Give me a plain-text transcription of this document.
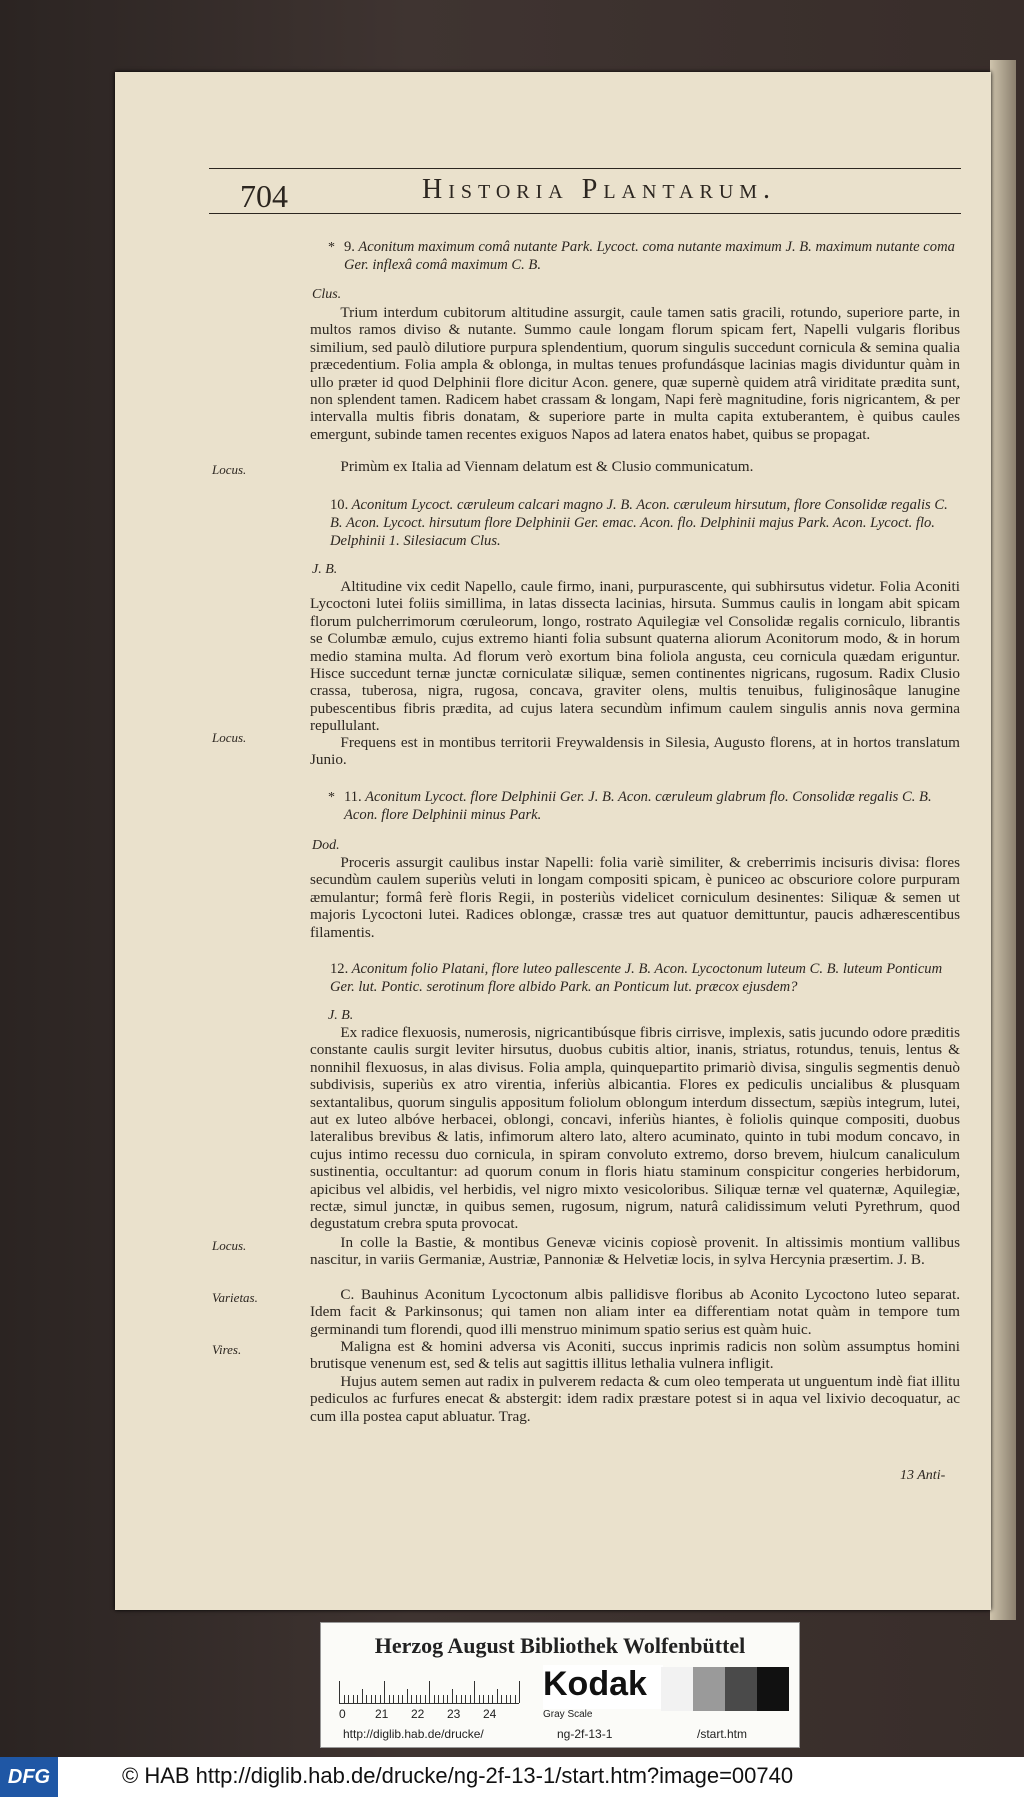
704	Historia Plantarum.
* 9. Aconitum maximum comâ nutante Park. Lycoct. coma nutante maximum J. B. maximum nutante coma Ger. inflexâ comâ maximum C. B.
Clus.

Trium interdum cubitorum altitudine assurgit, caule tamen satis gracili, rotundo, superiore parte, in multos ramos diviso & nutante. Summo caule longam florum spicam fert, Napelli vulgaris floribus similium, sed paulò dilutiore purpura splendentium, quorum singulis succedunt cornicula & semina qualia præcedentium. Folia ampla & oblonga, in multas tenues profundásque lacinias magis dividuntur quàm in ullo præter id quod Delphinii flore dicitur Acon. genere, quæ supernè quidem atrâ viriditate prædita sunt, non splendent tamen. Radicem habet crassam & longam, Napi ferè magnitudine, foris nigricantem, & per intervalla multis fibris donatam, & superiore parte in multa capita extuberantem, è quibus caules emergunt, subinde tamen recentes exiguos Napos ad latera enatos habet, quibus se propagat.

Locus.	Primùm ex Italia ad Viennam delatum est & Clusio communicatum.

10. Aconitum Lycoct. cæruleum calcari magno J. B. Acon. cæruleum hirsutum, flore Consolidæ regalis C. B. Acon. Lycoct. hirsutum flore Delphinii Ger. emac. Acon. flo. Delphinii majus Park. Acon. Lycoct. flo. Delphinii 1. Silesiacum Clus.
J. B.

Altitudine vix cedit Napello, caule firmo, inani, purpurascente, qui subhirsutus videtur. Folia Aconiti Lycoctoni lutei foliis simillima, in latas dissecta lacinias, hirsuta. Summus caulis in longam abit spicam florum pulcherrimorum cœruleorum, longo, rostrato Aquilegiæ vel Consolidæ regalis corniculo, librantis se Columbæ æmulo, cujus extremo hianti folia subsunt quaterna aliorum Aconitorum modo, & in horum medio stamina multa. Ad florum verò exortum bina foliola angusta, ceu cornicula quædam eriguntur. Hisce succedunt ternæ junctæ corniculatæ siliquæ, semen continentes nigricans, rugosum. Radix Clusio crassa, tuberosa, nigra, rugosa, concava, graviter olens, multis tenuibus, fuliginosâque lanugine pubescentibus fibris prædita, ad cujus latera secundùm infimum caulem singulis annis nova germina repullulant.

Locus.	Frequens est in montibus territorii Freywaldensis in Silesia, Augusto florens, at in hortos translatum Junio.

* 11. Aconitum Lycoct. flore Delphinii Ger. J. B. Acon. cæruleum glabrum flo. Consolidæ regalis C. B. Acon. flore Delphinii minus Park.
Dod.

Proceris assurgit caulibus instar Napelli: folia variè similiter, & creberrimis incisuris divisa: flores secundùm caulem superiùs veluti in longam compositi spicam, è puniceo ac obscuriore colore purpuram æmulantur; formâ ferè floris Regii, in posteriùs videlicet corniculum desinentes: Siliquæ & semen ut majoris Lycoctoni lutei. Radices oblongæ, crassæ tres aut quatuor demittuntur, paucis adhærescentibus filamentis.

12. Aconitum folio Platani, flore luteo pallescente J. B. Acon. Lycoctonum luteum C. B. luteum Ponticum Ger. lut. Pontic. serotinum flore albido Park. an Ponticum lut. præcox ejusdem?
J. B.

Ex radice flexuosis, numerosis, nigricantibúsque fibris cirrisve, implexis, satis jucundo odore præditis constante caulis surgit leviter hirsutus, duobus cubitis altior, inanis, striatus, rotundus, tenuis, lentus & nonnihil flexuosus, in alas divisus. Folia ampla, quinquepartito primariò divisa, singulis segmentis denuò subdivisis, superiùs ex atro virentia, inferiùs albicantia. Flores ex pediculis uncialibus & plusquam sextantalibus, quorum singulis appositum foliolum oblongum interdum dissectum, sæpiùs integrum, lutei, aut ex luteo albóve herbacei, oblongi, concavi, inferiùs hiantes, è foliolis quinque compositi, duobus lateralibus brevibus & latis, infimorum altero lato, altero acuminato, quinto in tubi modum concavo, in cujus intimo recessu duo cornicula, in spiram convoluto extremo, dorso brevem, hiulcum canaliculum sustinentia, occultantur: ad quorum conum in floris hiatu staminum conspicitur congeries herbidorum, apicibus vel albidis, vel herbidis, vel nigro mixto vesicoloribus. Siliquæ ternæ vel quaternæ, Aquilegiæ, rectæ, simul junctæ, in quibus semen, rugosum, nigrum, naturâ calidissimum veluti Pyrethrum, quod degustatum crebra sputa provocat.

Locus.	In colle la Bastie, & montibus Genevæ vicinis copiosè provenit. In altissimis montium vallibus nascitur, in variis Germaniæ, Austriæ, Pannoniæ & Helvetiæ locis, in sylva Hercynia præsertim. J. B.

Varietas.	C. Bauhinus Aconitum Lycoctonum albis pallidisve floribus ab Aconito Lycoctono luteo separat. Idem facit & Parkinsonus; qui tamen non aliam inter ea differentiam notat quàm in tempore tum germinandi tum florendi, quod illi menstruo minimum spatio serius est quàm huic.

Vires.	Maligna est & homini adversa vis Aconiti, succus inprimis radicis non solùm assumptus homini brutisque venenum est, sed & telis aut sagittis illitus lethalia vulnera infligit.

Hujus autem semen aut radix in pulverem redacta & cum oleo temperata ut unguentum indè fiat illitu pediculos ac furfures enecat & abstergit: idem radix præstare potest si in aqua vel lixivio decoquatur, ac cum illa postea caput abluatur. Trag.

13 Anti-
Herzog August Bibliothek Wolfenbüttel
0 21 22 23 24
Kodak
Gray Scale
http://diglib.hab.de/drucke/	ng-2f-13-1	/start.htm
DFG	© HAB http://diglib.hab.de/drucke/ng-2f-13-1/start.htm?image=00740
